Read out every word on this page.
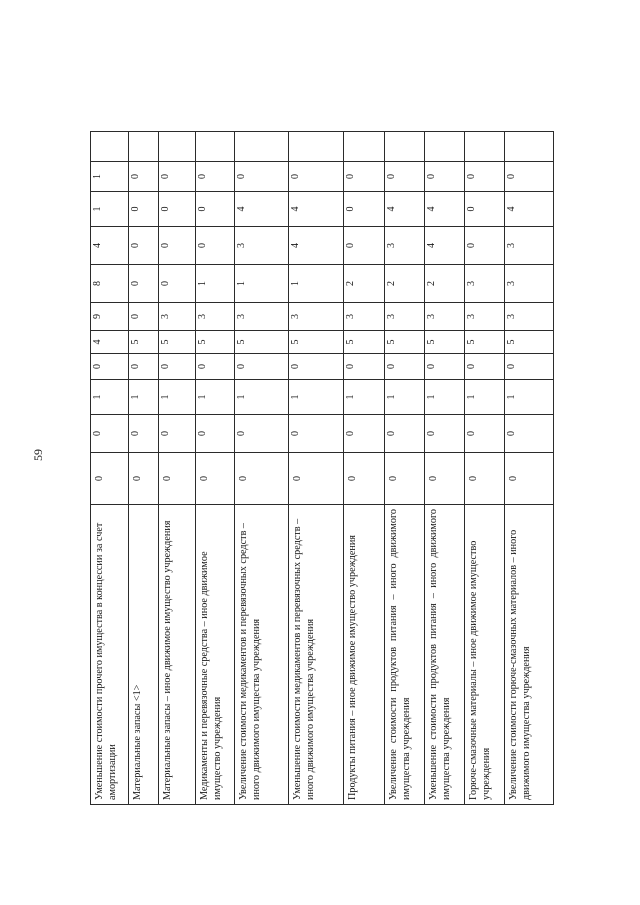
59
Уменьшение стоимости прочего имущества в концессии за счет амортизации	0	0	1	0	4	9	8	4	1	1	
Материальные запасы <1>	0	0	1	0	5	0	0	0	0	0	
Материальные запасы – иное движимое имущество учреждения	0	0	1	0	5	3	0	0	0	0	
Медикаменты и перевязочные средства – иное движимое имущество учреждения	0	0	1	0	5	3	1	0	0	0	
Увеличение стоимости медикаментов и перевязочных средств – иного движимого имущества учреждения	0	0	1	0	5	3	1	3	4	0	
Уменьшение стоимости медикаментов и перевязочных средств – иного движимого имущества учреждения	0	0	1	0	5	3	1	4	4	0	
Продукты питания – иное движимое имущество учреждения	0	0	1	0	5	3	2	0	0	0	
Увеличение стоимости продуктов питания – иного движимого имущества учреждения	0	0	1	0	5	3	2	3	4	0	
Уменьшение стоимости продуктов питания – иного движимого имущества учреждения	0	0	1	0	5	3	2	4	4	0	
Горюче-смазочные материалы – иное движимое имущество учреждения	0	0	1	0	5	3	3	0	0	0	
Увеличение стоимости горюче-смазочных материалов – иного движимого имущества учреждения	0	0	1	0	5	3	3	3	4	0	
